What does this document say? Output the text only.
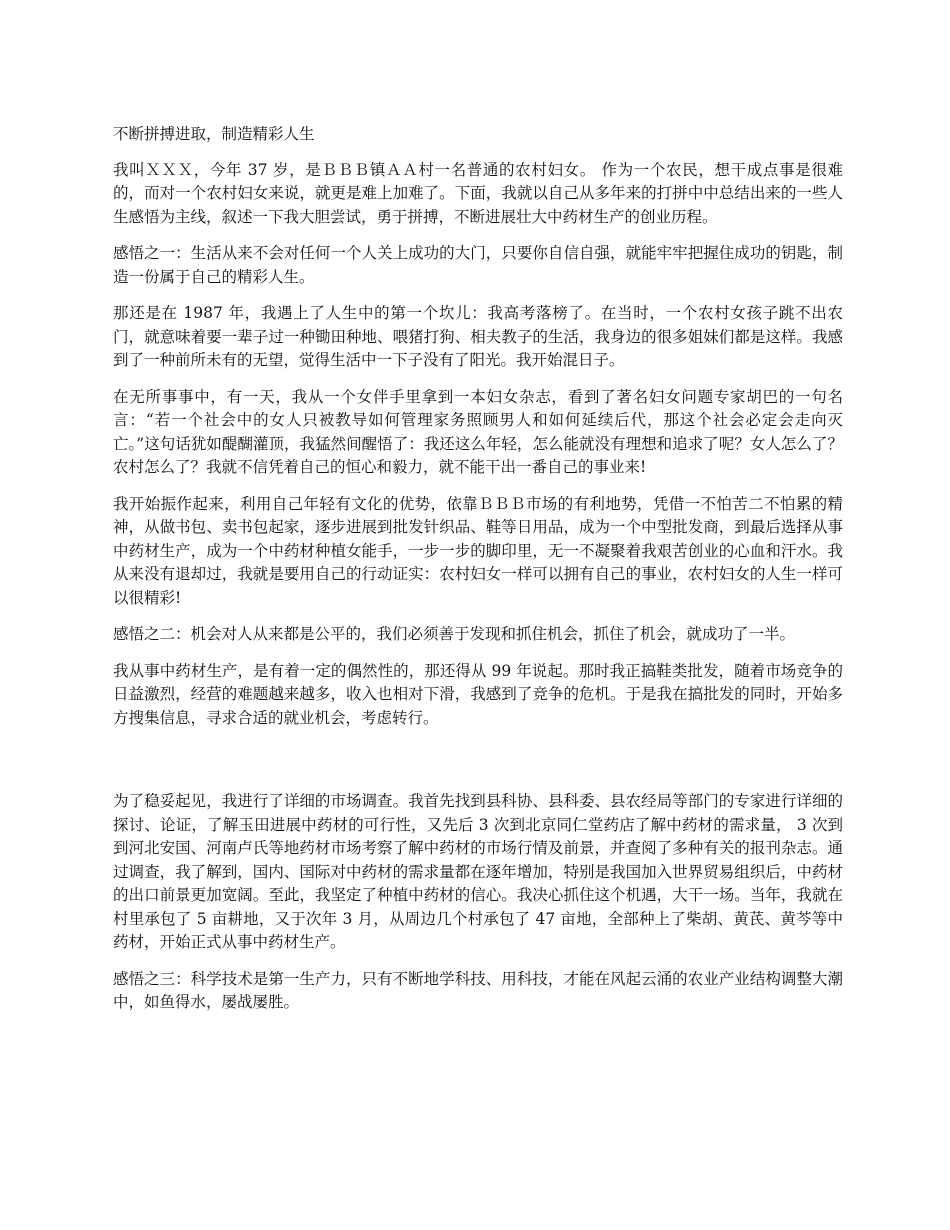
不断拼搏进取，制造精彩人生

我叫ＸＸＸ，今年 37 岁，是ＢＢＢ镇ＡＡ村一名普通的农村妇女。 作为一个农民，想干成点事是很难的，而对一个农村妇女来说，就更是难上加难了。下面，我就以自己从多年来的打拼中中总结出来的一些人生感悟为主线，叙述一下我大胆尝试，勇于拼搏，不断进展壮大中药材生产的创业历程。

感悟之一：生活从来不会对任何一个人关上成功的大门，只要你自信自强，就能牢牢把握住成功的钥匙，制造一份属于自己的精彩人生。

那还是在 1987 年，我遇上了人生中的第一个坎儿：我高考落榜了。在当时，一个农村女孩子跳不出农门，就意味着要一辈子过一种锄田种地、喂猪打狗、相夫教子的生活，我身边的很多姐妹们都是这样。我感到了一种前所未有的无望，觉得生活中一下子没有了阳光。我开始混日子。

在无所事事中，有一天，我从一个女伴手里拿到一本妇女杂志，看到了著名妇女问题专家胡巴的一句名言：“若一个社会中的女人只被教导如何管理家务照顾男人和如何延续后代，那这个社会必定会走向灭亡。”这句话犹如醍醐灌顶，我猛然间醒悟了：我还这么年轻，怎么能就没有理想和追求了呢？女人怎么了？农村怎么了？我就不信凭着自己的恒心和毅力，就不能干出一番自己的事业来!

我开始振作起来，利用自己年轻有文化的优势，依靠ＢＢＢ市场的有利地势，凭借一不怕苦二不怕累的精神，从做书包、卖书包起家，逐步进展到批发针织品、鞋等日用品，成为一个中型批发商，到最后选择从事中药材生产，成为一个中药材种植女能手，一步一步的脚印里，无一不凝聚着我艰苦创业的心血和汗水。我从来没有退却过，我就是要用自己的行动证实：农村妇女一样可以拥有自己的事业，农村妇女的人生一样可以很精彩!

感悟之二：机会对人从来都是公平的，我们必须善于发现和抓住机会，抓住了机会，就成功了一半。

我从事中药材生产，是有着一定的偶然性的，那还得从 99 年说起。那时我正搞鞋类批发，随着市场竞争的日益激烈，经营的难题越来越多，收入也相对下滑，我感到了竞争的危机。于是我在搞批发的同时，开始多方搜集信息，寻求合适的就业机会，考虑转行。

为了稳妥起见，我进行了详细的市场调查。我首先找到县科协、县科委、县农经局等部门的专家进行详细的探讨、论证，了解玉田进展中药材的可行性，又先后 3 次到北京同仁堂药店了解中药材的需求量， 3 次到到河北安国、河南卢氏等地药材市场考察了解中药材的市场行情及前景，并查阅了多种有关的报刊杂志。通过调查，我了解到，国内、国际对中药材的需求量都在逐年增加，特别是我国加入世界贸易组织后，中药材的出口前景更加宽阔。至此，我坚定了种植中药材的信心。我决心抓住这个机遇，大干一场。当年，我就在村里承包了 5 亩耕地，又于次年 3 月，从周边几个村承包了 47 亩地，全部种上了柴胡、黄芪、黄芩等中药材，开始正式从事中药材生产。

感悟之三：科学技术是第一生产力，只有不断地学科技、用科技，才能在风起云涌的农业产业结构调整大潮中，如鱼得水，屡战屡胜。
